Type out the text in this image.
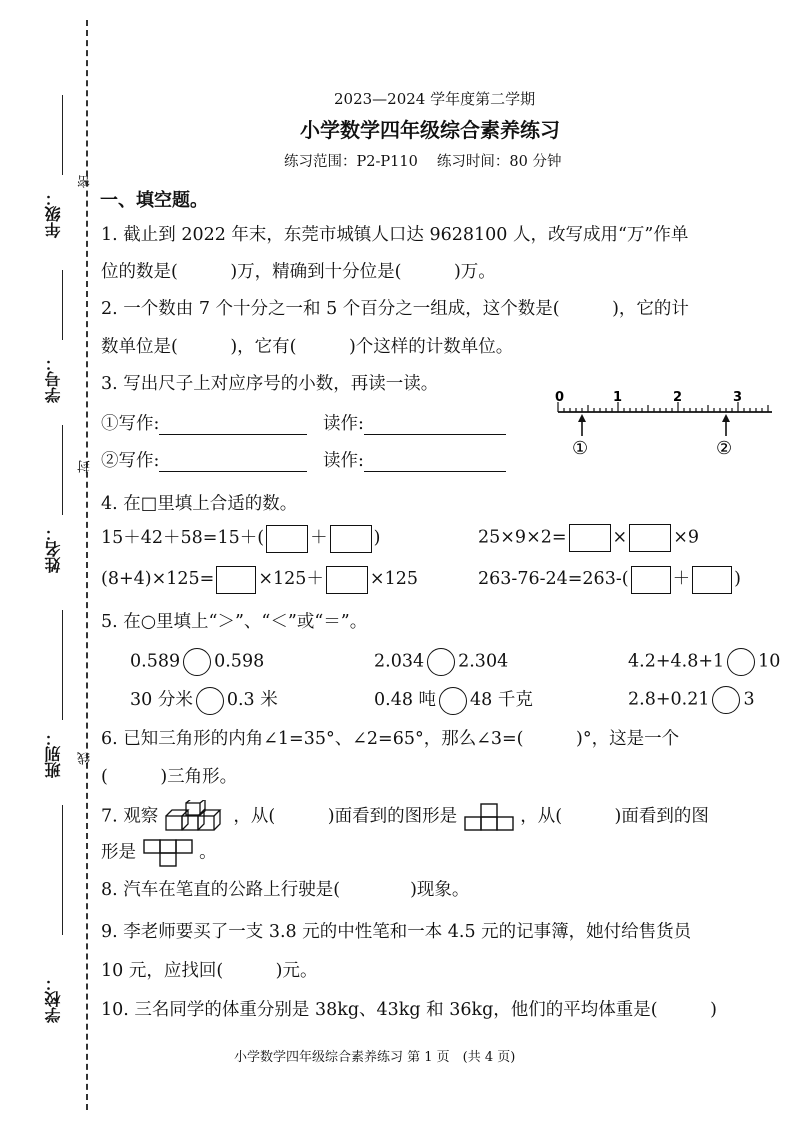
年级：
学号：
姓名：
班别：
学校：
密
封
线
2023—2024 学年度第二学期
小学数学四年级综合素养练习
练习范围：P2-P110　 练习时间：80 分钟
一、填空题。
1. 截止到 2022 年末，东莞市城镇人口达 9628100 人，改写成用“万”作单
位的数是(　　　)万，精确到十分位是(　　　)万。
2. 一个数由 7 个十分之一和 5 个百分之一组成，这个数是(　　　)，它的计
数单位是(　　　)，它有(　　　)个这样的计数单位。
3. 写出尺子上对应序号的小数，再读一读。
①写作:	读作:
②写作:	读作:
0	1	2	3
①	②
4. 在□里填上合适的数。
15＋42＋58=15＋(	＋	)	25×9×2=	×	×9
(8+4)×125=	×125＋	×125	263-76-24=263-(	＋	)
5. 在○里填上“＞”、“＜”或“＝”。
0.589 0.598	2.034 2.304	4.2+4.8+1 10
30 分米 0.3 米	0.48 吨 48 千克	2.8+0.21 3
6. 已知三角形的内角∠1=35°、∠2=65°，那么∠3=(　　　)°，这是一个
(　　　)三角形。
7. 观察	，从(　　　)面看到的图形是	，从(　　　)面看到的图
形是	。
8. 汽车在笔直的公路上行驶是(　　　　)现象。
9. 李老师要买了一支 3.8 元的中性笔和一本 4.5 元的记事簿，她付给售货员
10 元，应找回(　　　)元。
10. 三名同学的体重分别是 38kg、43kg 和 36kg，他们的平均体重是(　　　)
小学数学四年级综合素养练习 第 1 页　(共 4 页)
